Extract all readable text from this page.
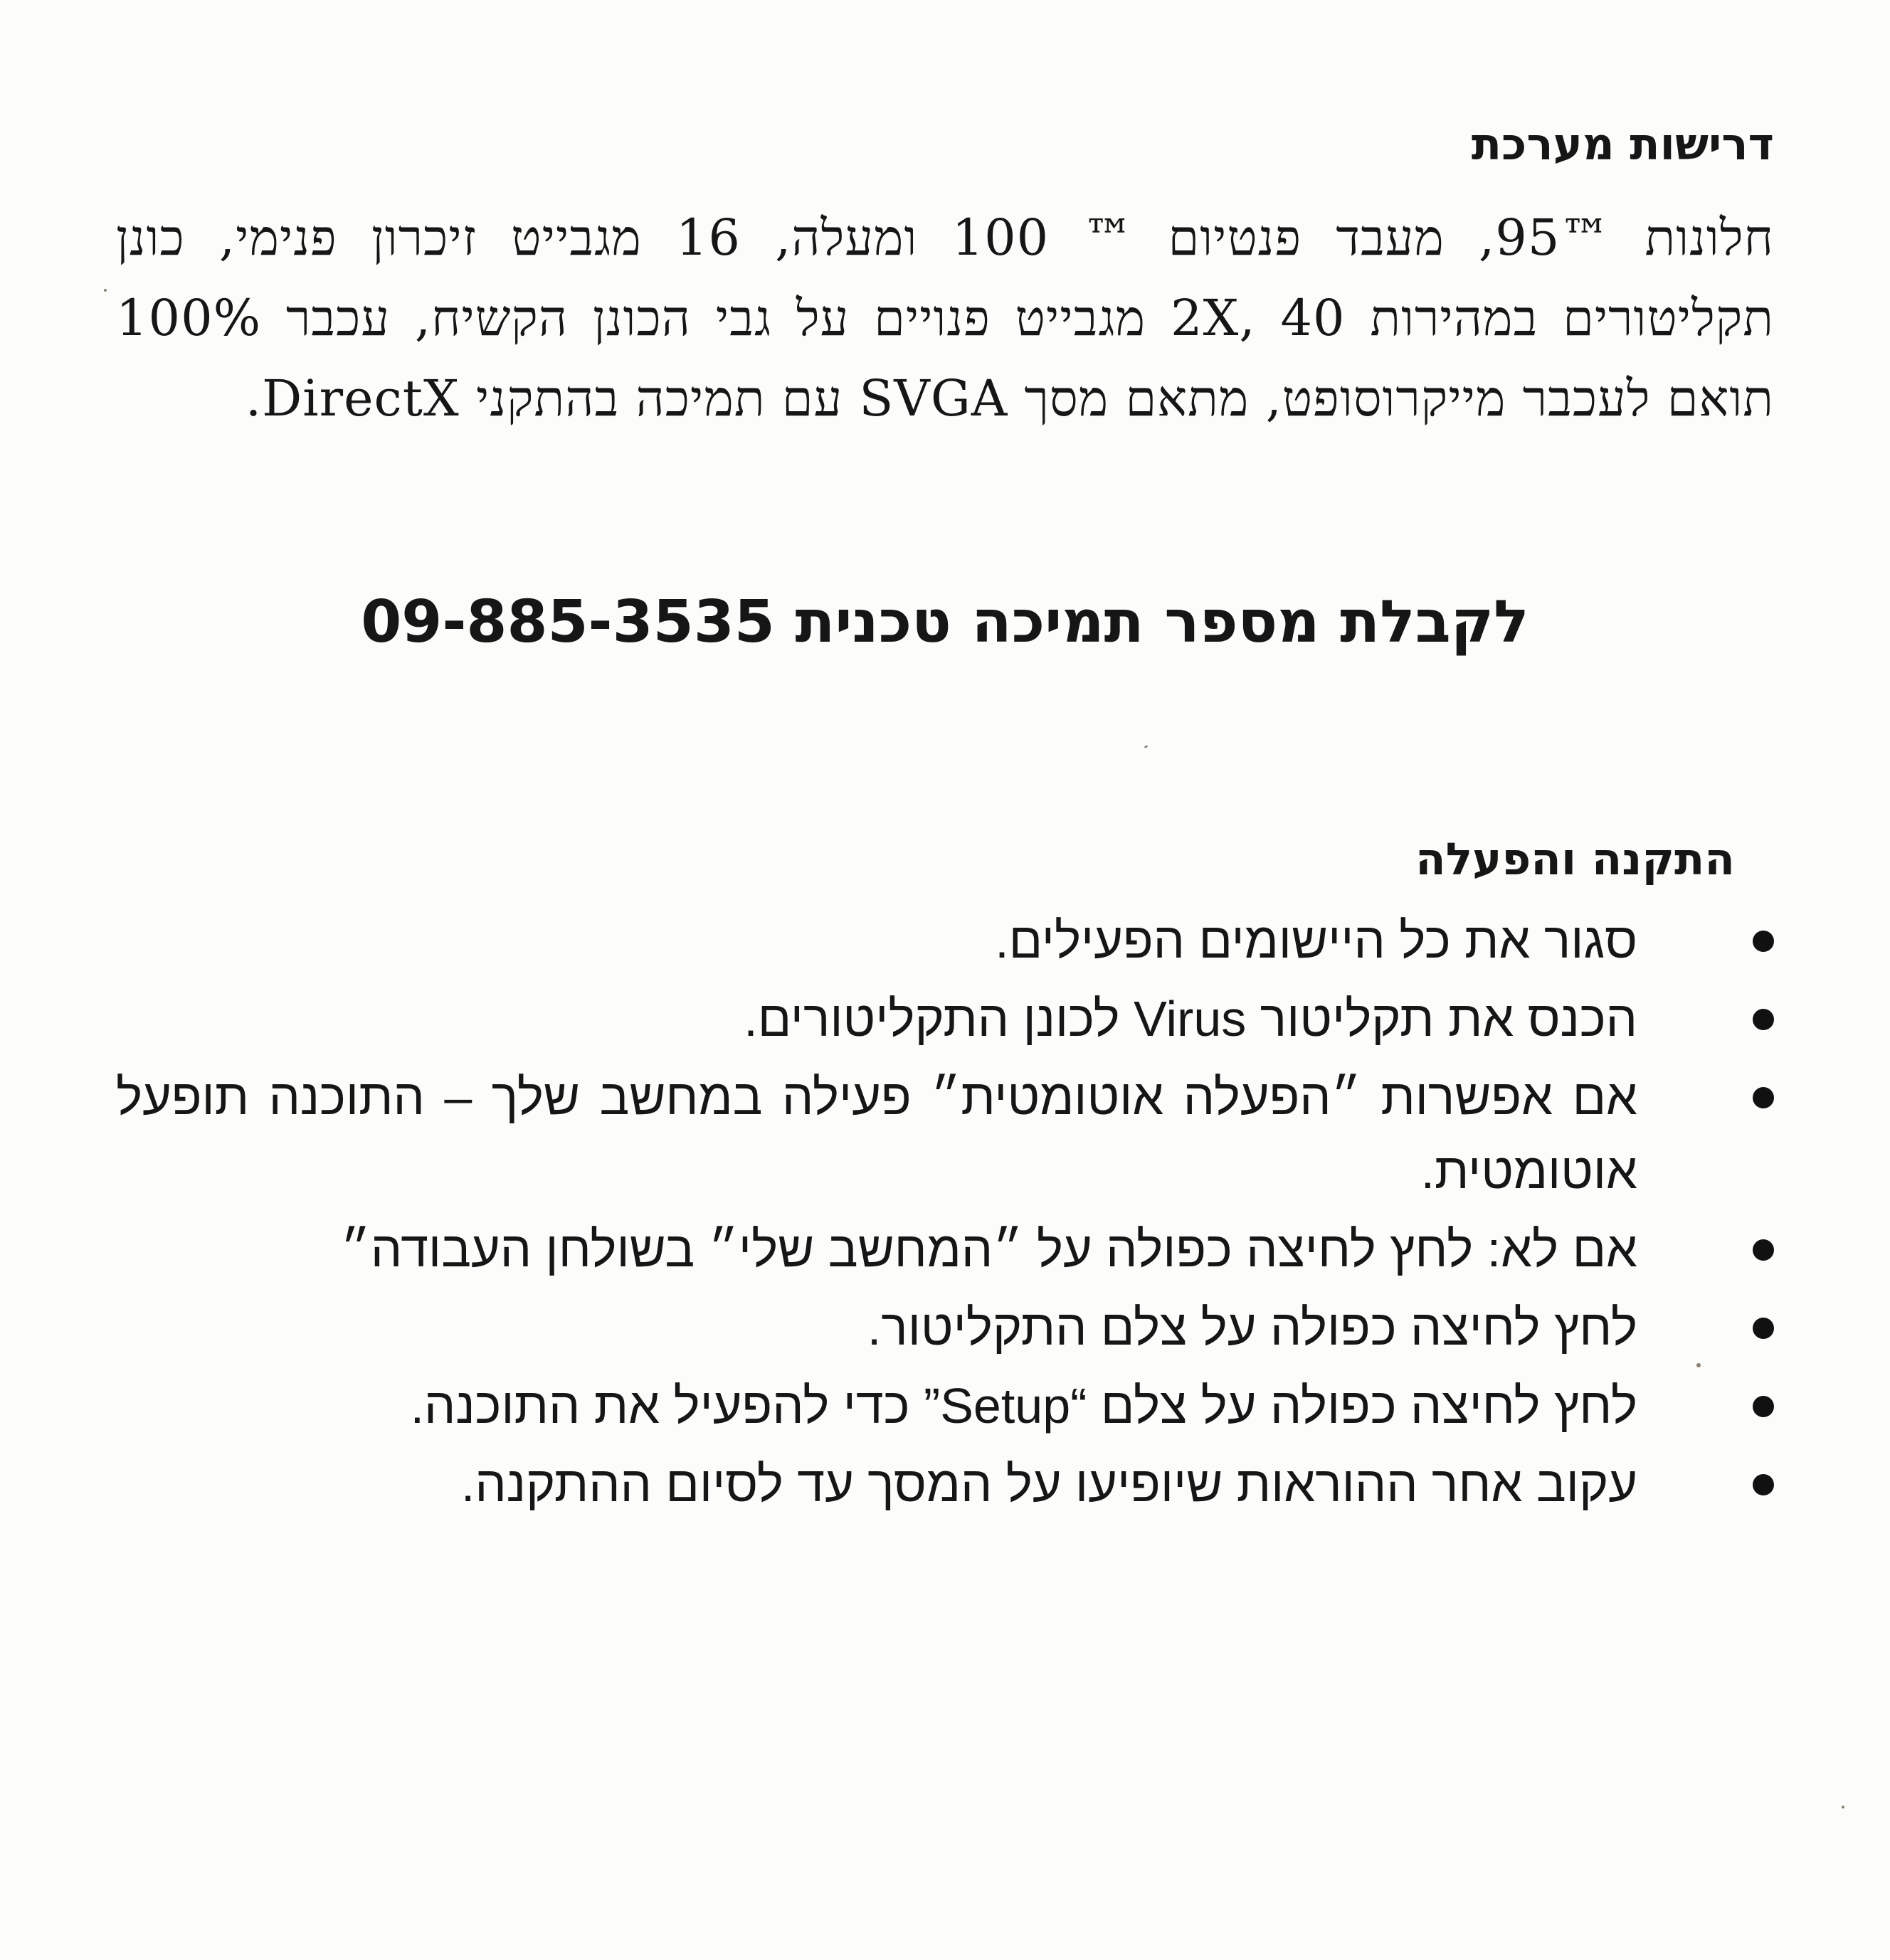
דרישות מערכת
חלונות ™95, מעבד פנטיום ™ 100 ומעלה, 16 מגבייט זיכרון פנימי, כונן תקליטורים במהירות 2X, 40 מגבייט פנויים על גבי הכונן הקשיח, עכבר 100% תואם לעכבר מייקרוסופט, מתאם מסך SVGA עם תמיכה בהתקני DirectX.
לקבלת מספר תמיכה טכנית 09-885-3535
התקנה והפעלה
סגור את כל היישומים הפעילים.
הכנס את תקליטור Virus לכונן התקליטורים.
אם אפשרות ״הפעלה אוטומטית״ פעילה במחשב שלך – התוכנה תופעל אוטומטית.
אם לא: לחץ לחיצה כפולה על ״המחשב שלי״ בשולחן העבודה״
לחץ לחיצה כפולה על צלם התקליטור.
לחץ לחיצה כפולה על צלם “Setup” כדי להפעיל את התוכנה.
עקוב אחר ההוראות שיופיעו על המסך עד לסיום ההתקנה.
